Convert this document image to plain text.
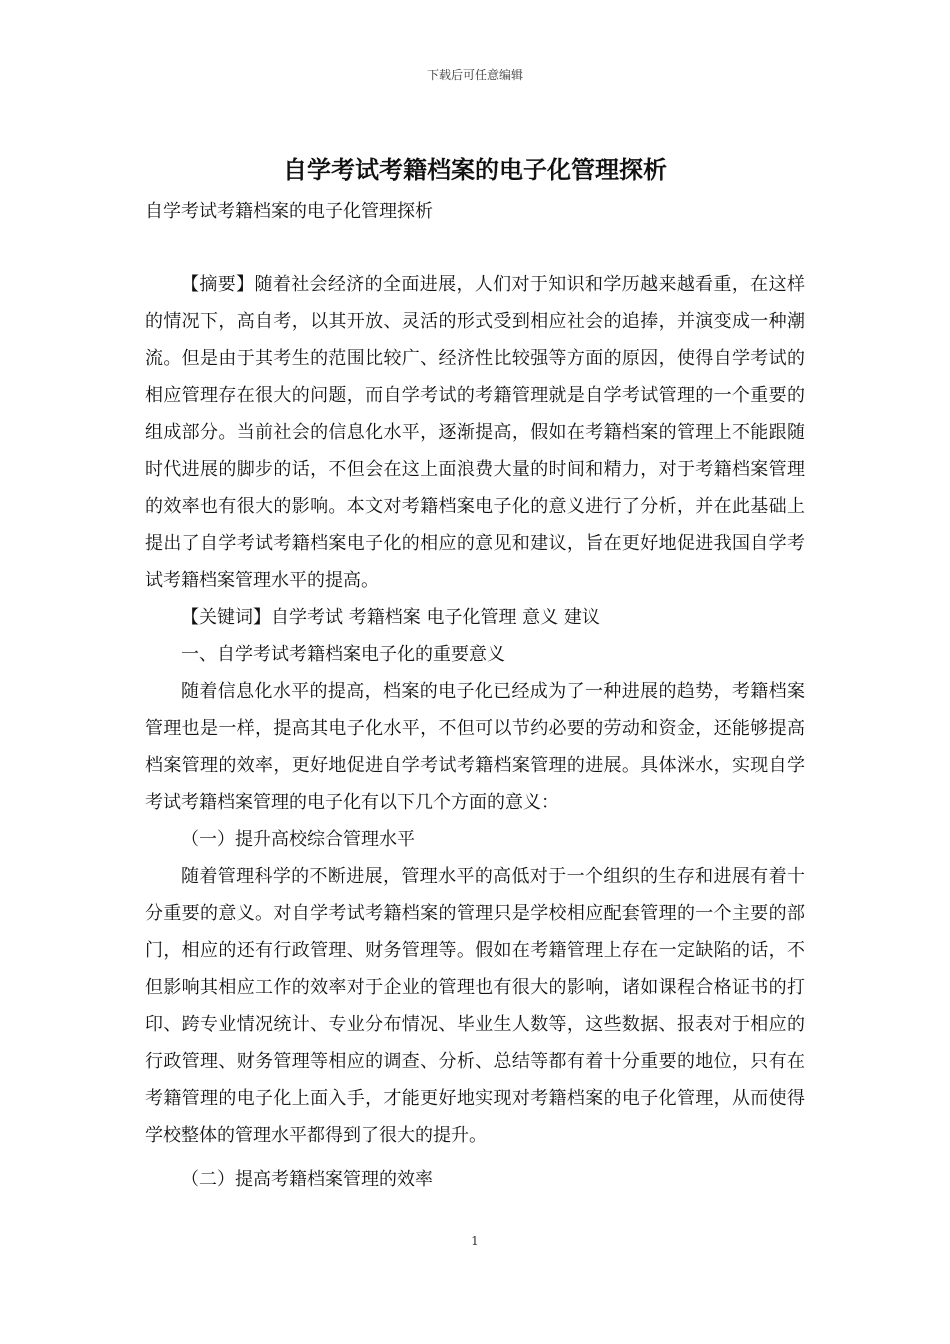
下载后可任意编辑
自学考试考籍档案的电子化管理探析

自学考试考籍档案的电子化管理探析

【摘要】随着社会经济的全面进展，人们对于知识和学历越来越看重，在这样的情况下，高自考，以其开放、灵活的形式受到相应社会的追捧，并演变成一种潮流。但是由于其考生的范围比较广、经济性比较强等方面的原因，使得自学考试的相应管理存在很大的问题，而自学考试的考籍管理就是自学考试管理的一个重要的组成部分。当前社会的信息化水平，逐渐提高，假如在考籍档案的管理上不能跟随时代进展的脚步的话，不但会在这上面浪费大量的时间和精力，对于考籍档案管理的效率也有很大的影响。本文对考籍档案电子化的意义进行了分析，并在此基础上提出了自学考试考籍档案电子化的相应的意见和建议，旨在更好地促进我国自学考试考籍档案管理水平的提高。

【关键词】自学考试 考籍档案 电子化管理 意义 建议

一、自学考试考籍档案电子化的重要意义

随着信息化水平的提高，档案的电子化已经成为了一种进展的趋势，考籍档案管理也是一样，提高其电子化水平，不但可以节约必要的劳动和资金，还能够提高档案管理的效率，更好地促进自学考试考籍档案管理的进展。具体洣水，实现自学考试考籍档案管理的电子化有以下几个方面的意义：

（一）提升高校综合管理水平

随着管理科学的不断进展，管理水平的高低对于一个组织的生存和进展有着十分重要的意义。对自学考试考籍档案的管理只是学校相应配套管理的一个主要的部门，相应的还有行政管理、财务管理等。假如在考籍管理上存在一定缺陷的话，不但影响其相应工作的效率对于企业的管理也有很大的影响，诸如课程合格证书的打印、跨专业情况统计、专业分布情况、毕业生人数等，这些数据、报表对于相应的行政管理、财务管理等相应的调查、分析、总结等都有着十分重要的地位，只有在考籍管理的电子化上面入手，才能更好地实现对考籍档案的电子化管理，从而使得学校整体的管理水平都得到了很大的提升。

（二）提高考籍档案管理的效率

1
